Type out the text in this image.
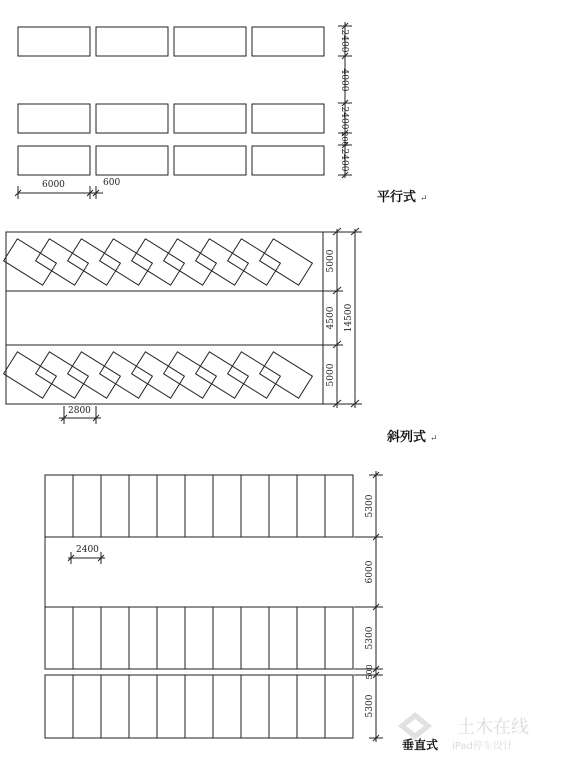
6000	600
2400
4000
2400
200
2400
平行式 ↵
5000
4500
5000
14500
2800
斜列式 ↵
5300
6000
5300
500
5300
2400
垂直式
土木在线
iPad停车设计
